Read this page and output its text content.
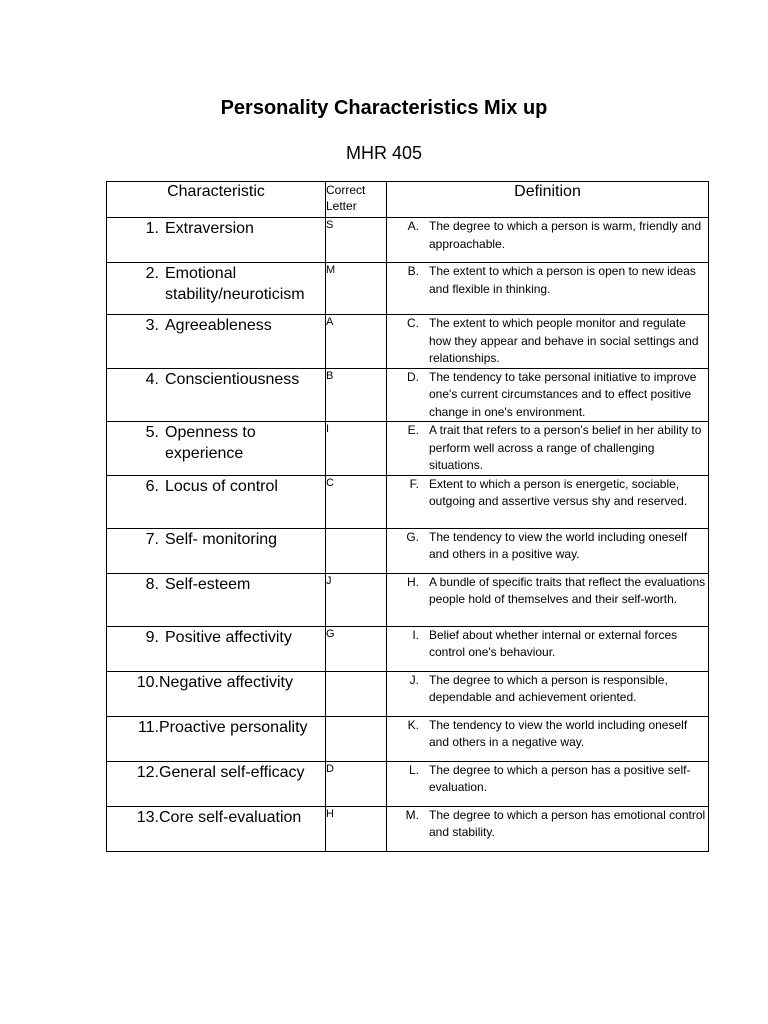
Personality Characteristics Mix up
MHR 405
Characteristic	Correct Letter	Definition

1. Extraversion	S	A. The degree to which a person is warm, friendly and approachable.

2. Emotional stability/neuroticism	M	B. The extent to which a person is open to new ideas and flexible in thinking.

3. Agreeableness	A	C. The extent to which people monitor and regulate how they appear and behave in social settings and relationships.

4. Conscientiousness	B	D. The tendency to take personal initiative to improve one's current circumstances and to effect positive change in one's environment.

5. Openness to experience	I	E. A trait that refers to a person's belief in her ability to perform well across a range of challenging situations.

6. Locus of control	C	F. Extent to which a person is energetic, sociable, outgoing and assertive versus shy and reserved.

7. Self- monitoring		G. The tendency to view the world including oneself and others in a positive way.

8. Self-esteem	J	H. A bundle of specific traits that reflect the evaluations people hold of themselves and their self-worth.

9. Positive affectivity	G	I. Belief about whether internal or external forces control one's behaviour.

10. Negative affectivity		J. The degree to which a person is responsible, dependable and achievement oriented.

11. Proactive personality		K. The tendency to view the world including oneself and others in a negative way.

12. General self-efficacy	D	L. The degree to which a person has a positive self-evaluation.

13. Core self-evaluation	H	M. The degree to which a person has emotional control and stability.
